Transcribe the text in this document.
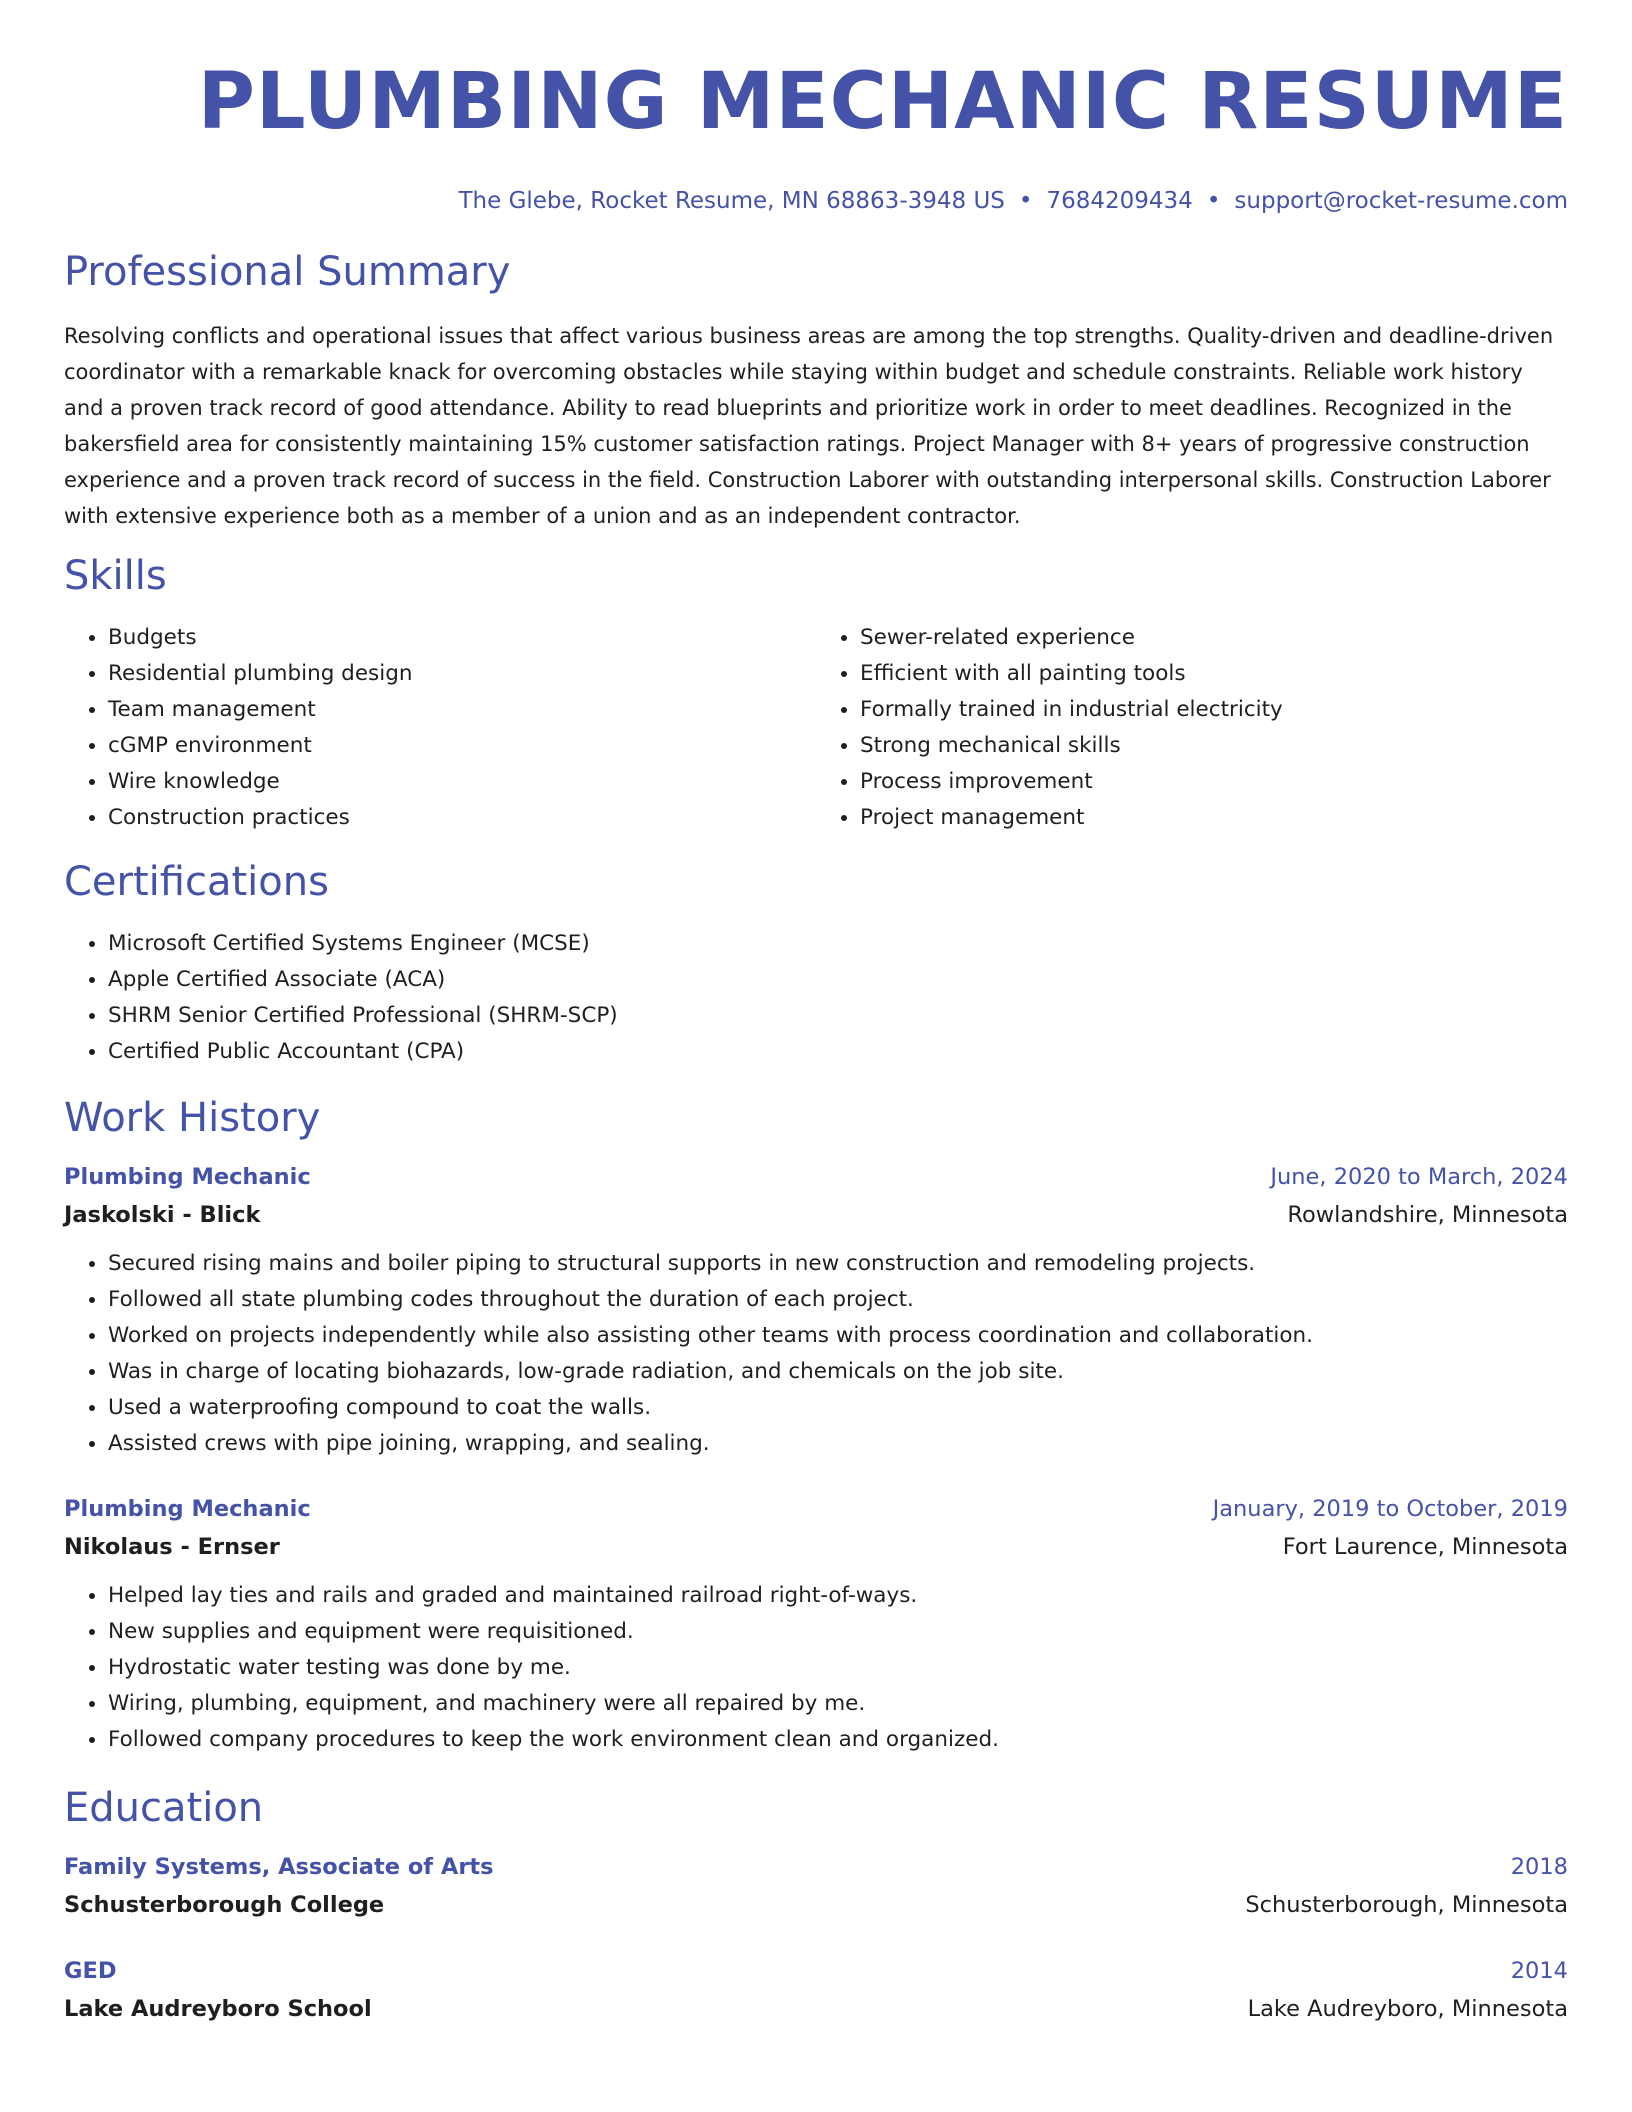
PLUMBING MECHANIC RESUME
The Glebe, Rocket Resume, MN 68863-3948 US • 7684209434 • support@rocket-resume.com
Professional Summary
Resolving conflicts and operational issues that affect various business areas are among the top strengths. Quality-driven and deadline-driven coordinator with a remarkable knack for overcoming obstacles while staying within budget and schedule constraints. Reliable work history and a proven track record of good attendance. Ability to read blueprints and prioritize work in order to meet deadlines. Recognized in the bakersfield area for consistently maintaining 15% customer satisfaction ratings. Project Manager with 8+ years of progressive construction experience and a proven track record of success in the field. Construction Laborer with outstanding interpersonal skills. Construction Laborer with extensive experience both as a member of a union and as an independent contractor.
Skills
• Budgets
• Residential plumbing design
• Team management
• cGMP environment
• Wire knowledge
• Construction practices
• Sewer-related experience
• Efficient with all painting tools
• Formally trained in industrial electricity
• Strong mechanical skills
• Process improvement
• Project management
Certifications
• Microsoft Certified Systems Engineer (MCSE)
• Apple Certified Associate (ACA)
• SHRM Senior Certified Professional (SHRM-SCP)
• Certified Public Accountant (CPA)
Work History
Plumbing Mechanic	June, 2020 to March, 2024
Jaskolski - Blick	Rowlandshire, Minnesota
• Secured rising mains and boiler piping to structural supports in new construction and remodeling projects.
• Followed all state plumbing codes throughout the duration of each project.
• Worked on projects independently while also assisting other teams with process coordination and collaboration.
• Was in charge of locating biohazards, low-grade radiation, and chemicals on the job site.
• Used a waterproofing compound to coat the walls.
• Assisted crews with pipe joining, wrapping, and sealing.
Plumbing Mechanic	January, 2019 to October, 2019
Nikolaus - Ernser	Fort Laurence, Minnesota
• Helped lay ties and rails and graded and maintained railroad right-of-ways.
• New supplies and equipment were requisitioned.
• Hydrostatic water testing was done by me.
• Wiring, plumbing, equipment, and machinery were all repaired by me.
• Followed company procedures to keep the work environment clean and organized.
Education
Family Systems, Associate of Arts	2018
Schusterborough College	Schusterborough, Minnesota
GED	2014
Lake Audreyboro School	Lake Audreyboro, Minnesota
